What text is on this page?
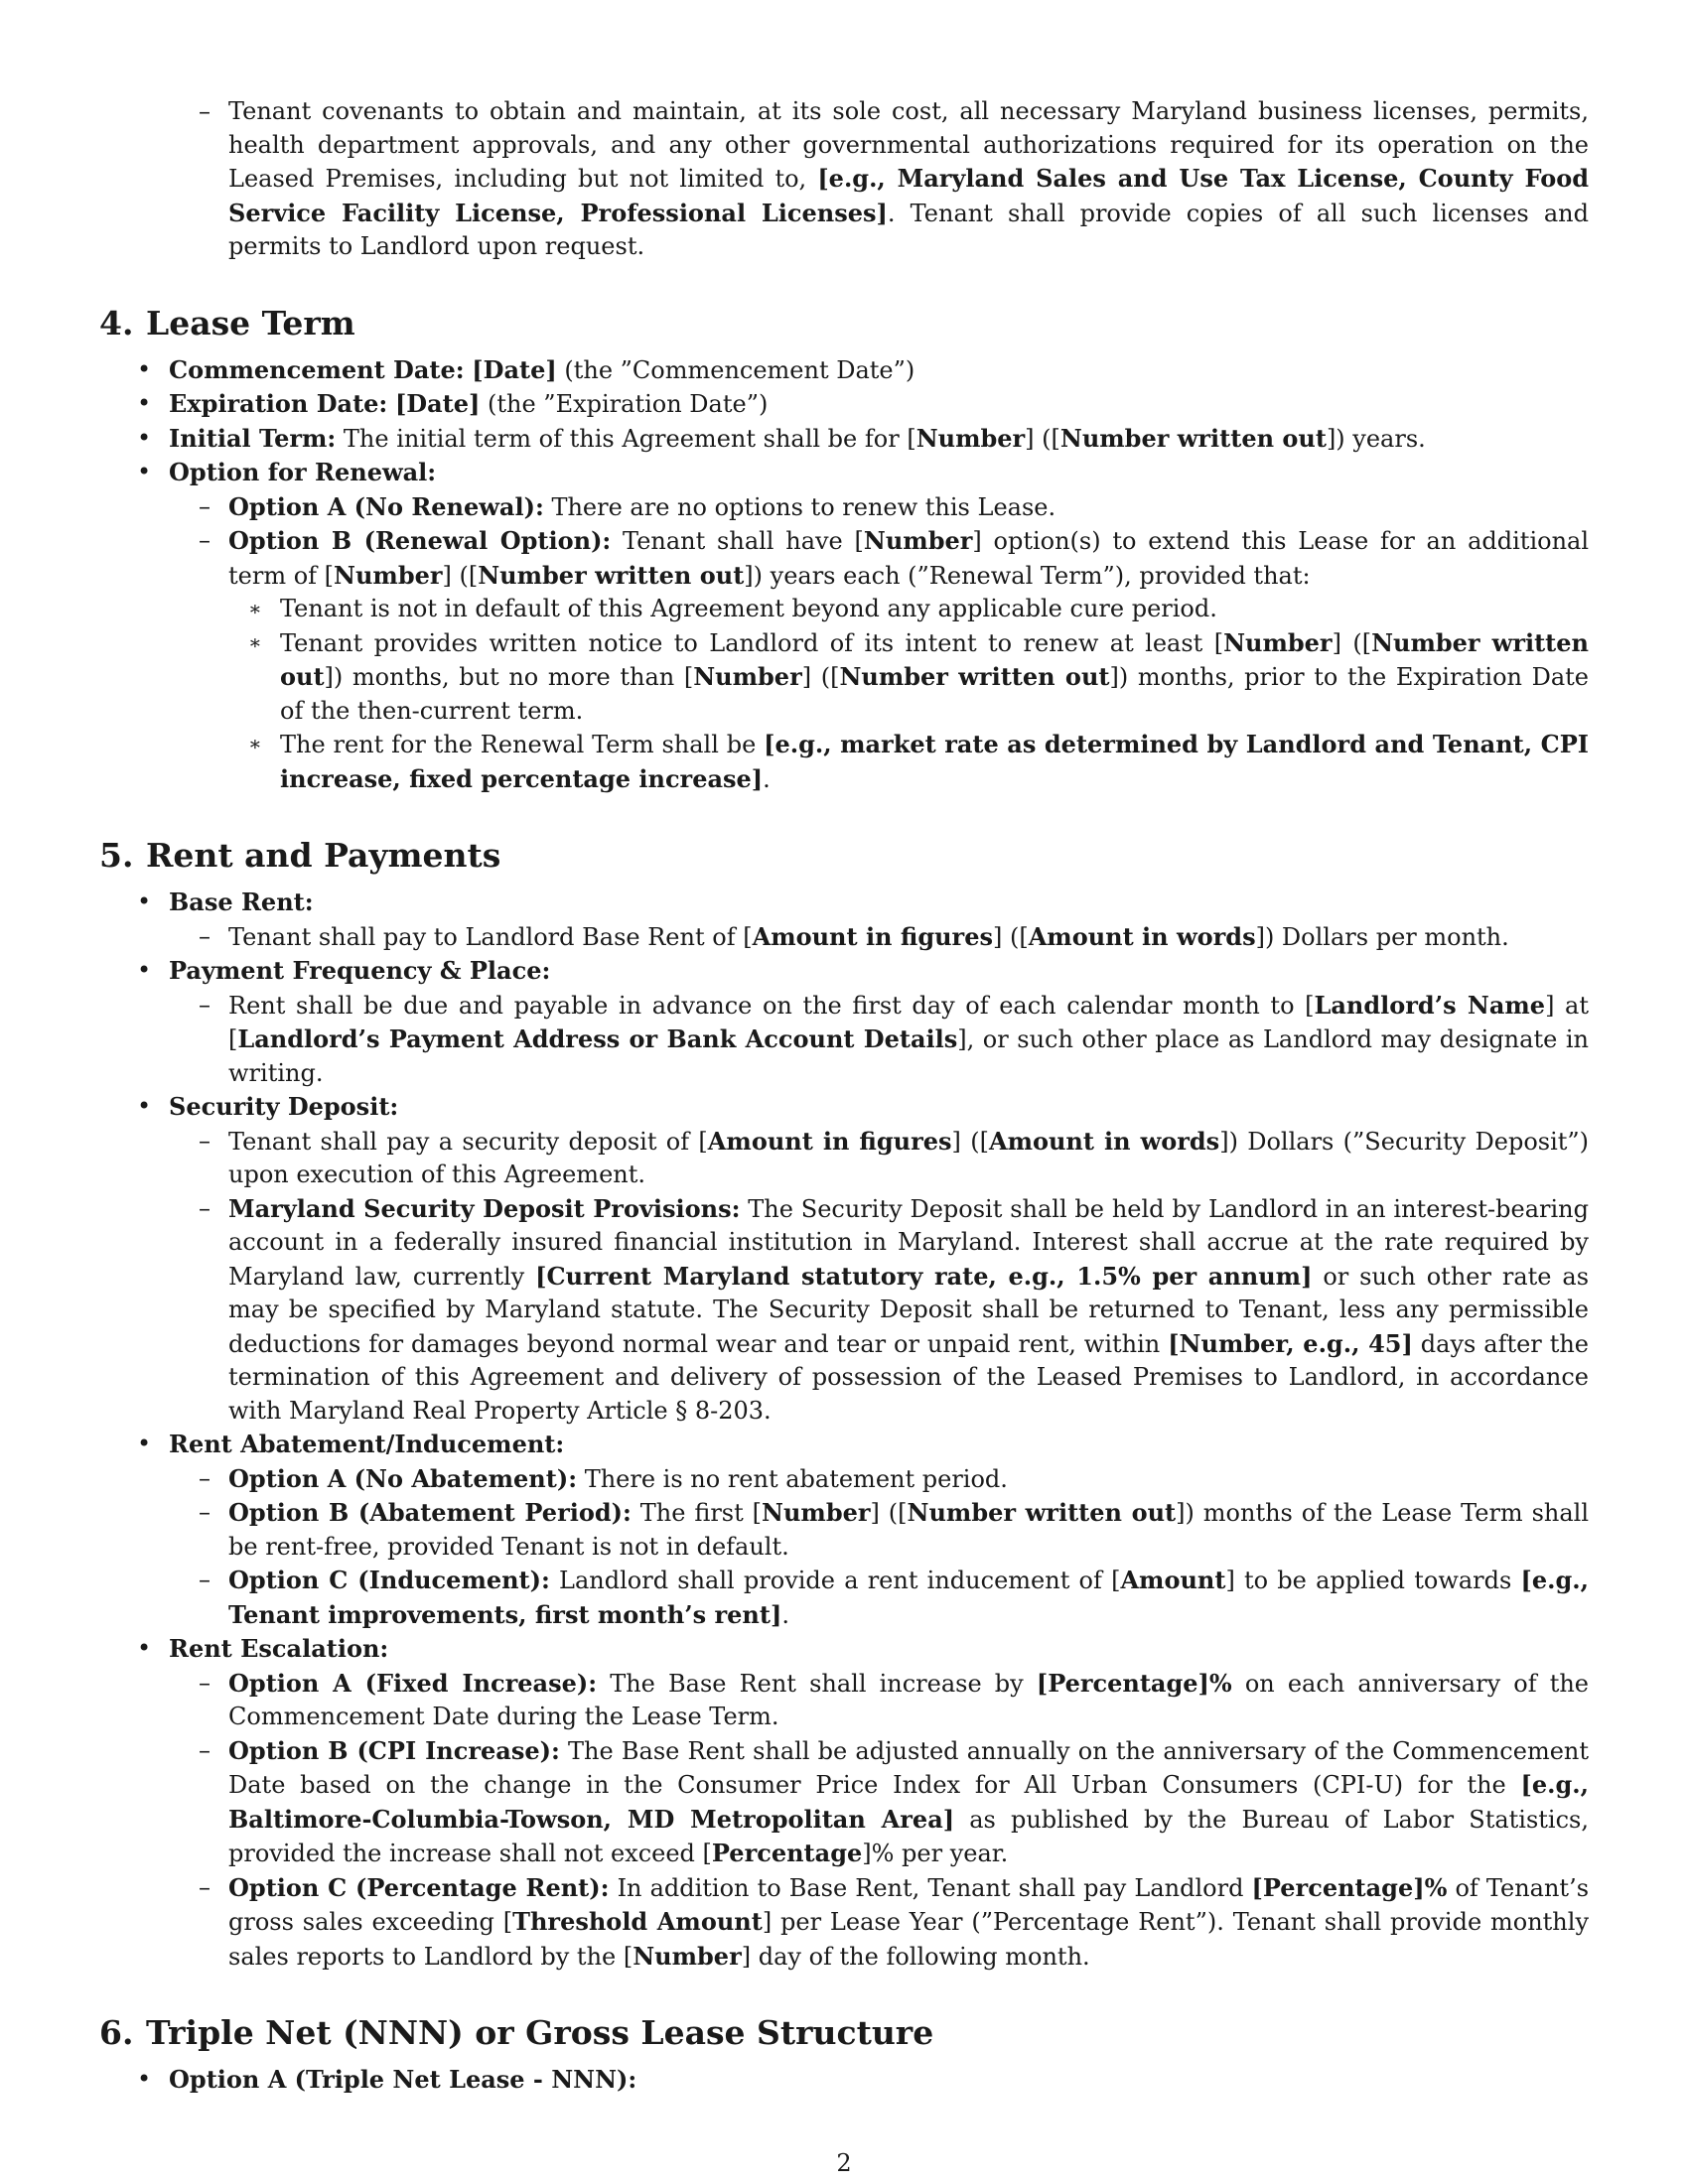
– Tenant covenants to obtain and maintain, at its sole cost, all necessary Maryland business licenses, permits, health department approvals, and any other governmental authorizations required for its operation on the Leased Premises, including but not limited to, [e.g., Maryland Sales and Use Tax License, County Food Service Facility License, Professional Licenses]. Tenant shall provide copies of all such licenses and permits to Landlord upon request.

4. Lease Term

• Commencement Date: [Date] (the ”Commencement Date”)

• Expiration Date: [Date] (the ”Expiration Date”)

• Initial Term: The initial term of this Agreement shall be for [Number] ([Number written out]) years.

• Option for Renewal:

– Option A (No Renewal): There are no options to renew this Lease.

– Option B (Renewal Option): Tenant shall have [Number] option(s) to extend this Lease for an additional term of [Number] ([Number written out]) years each (”Renewal Term”), provided that:

∗ Tenant is not in default of this Agreement beyond any applicable cure period.

∗ Tenant provides written notice to Landlord of its intent to renew at least [Number] ([Number written out]) months, but no more than [Number] ([Number written out]) months, prior to the Expiration Date of the then-current term.

∗ The rent for the Renewal Term shall be [e.g., market rate as determined by Landlord and Tenant, CPI increase, fixed percentage increase].

5. Rent and Payments

• Base Rent:

– Tenant shall pay to Landlord Base Rent of [Amount in figures] ([Amount in words]) Dollars per month.

• Payment Frequency & Place:

– Rent shall be due and payable in advance on the first day of each calendar month to [Landlord’s Name] at [Landlord’s Payment Address or Bank Account Details], or such other place as Landlord may designate in writing.

• Security Deposit:

– Tenant shall pay a security deposit of [Amount in figures] ([Amount in words]) Dollars (”Security Deposit”) upon execution of this Agreement.

– Maryland Security Deposit Provisions: The Security Deposit shall be held by Landlord in an interest-bearing account in a federally insured financial institution in Maryland. Interest shall accrue at the rate required by Maryland law, currently [Current Maryland statutory rate, e.g., 1.5% per annum] or such other rate as may be specified by Maryland statute. The Security Deposit shall be returned to Tenant, less any permissible deductions for damages beyond normal wear and tear or unpaid rent, within [Number, e.g., 45] days after the termination of this Agreement and delivery of possession of the Leased Premises to Landlord, in accordance with Maryland Real Property Article § 8-203.

• Rent Abatement/Inducement:

– Option A (No Abatement): There is no rent abatement period.

– Option B (Abatement Period): The first [Number] ([Number written out]) months of the Lease Term shall be rent-free, provided Tenant is not in default.

– Option C (Inducement): Landlord shall provide a rent inducement of [Amount] to be applied towards [e.g., Tenant improvements, first month’s rent].

• Rent Escalation:

– Option A (Fixed Increase): The Base Rent shall increase by [Percentage]% on each anniversary of the Commencement Date during the Lease Term.

– Option B (CPI Increase): The Base Rent shall be adjusted annually on the anniversary of the Commencement Date based on the change in the Consumer Price Index for All Urban Consumers (CPI-U) for the [e.g., Baltimore-Columbia-Towson, MD Metropolitan Area] as published by the Bureau of Labor Statistics, provided the increase shall not exceed [Percentage]% per year.

– Option C (Percentage Rent): In addition to Base Rent, Tenant shall pay Landlord [Percentage]% of Tenant’s gross sales exceeding [Threshold Amount] per Lease Year (”Percentage Rent”). Tenant shall provide monthly sales reports to Landlord by the [Number] day of the following month.

6. Triple Net (NNN) or Gross Lease Structure

• Option A (Triple Net Lease - NNN):

2
